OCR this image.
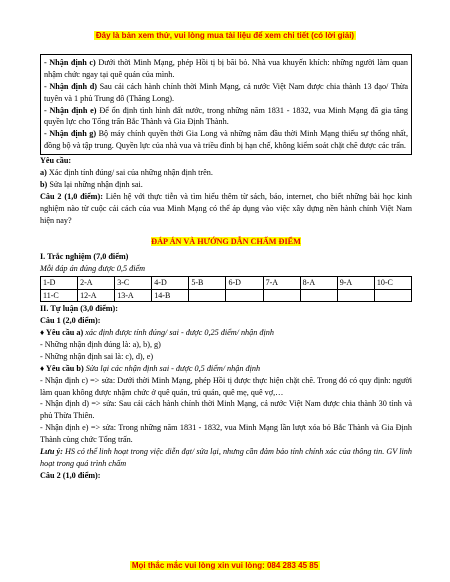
Đây là bản xem thử, vui lòng mua tài liệu để xem chi tiết (có lời giải)

- Nhận định c) Dưới thời Minh Mạng, phép Hồi tị bị bãi bỏ. Nhà vua khuyến khích: những người làm quan nhậm chức ngay tại quê quán của mình.

- Nhận định d) Sau cải cách hành chính thời Minh Mạng, cả nước Việt Nam được chia thành 13 đạo/ Thừa tuyên và 1 phủ Trung đô (Thăng Long).

- Nhận định e) Để ổn định tình hình đất nước, trong những năm 1831 - 1832, vua Minh Mạng đã gia tăng quyền lực cho Tổng trấn Bắc Thành và Gia Định Thành.

- Nhận định g) Bộ máy chính quyền thời Gia Long và những năm đầu thời Minh Mạng thiếu sự thống nhất, đồng bộ và tập trung. Quyền lực của nhà vua và triều đình bị hạn chế, không kiểm soát chặt chẽ được các trấn.

Yêu cầu:

a) Xác định tính đúng/ sai của những nhận định trên.

b) Sửa lại những nhận định sai.

Câu 2 (1,0 điểm): Liên hệ với thực tiễn và tìm hiểu thêm từ sách, báo, internet, cho biết những bài học kinh nghiệm nào từ cuộc cải cách của vua Minh Mạng có thể áp dụng vào việc xây dựng nền hành chính Việt Nam hiện nay?

ĐÁP ÁN VÀ HƯỚNG DẪN CHẤM ĐIỂM

I. Trắc nghiệm (7,0 điểm)

Mỗi đáp án đúng được 0,5 điểm

1-D	2-A	3-C	4-D	5-B	6-D	7-A	8-A	9-A	10-C
11-C	12-A	13-A	14-B						

II. Tự luận (3,0 điểm):

Câu 1 (2,0 điểm):

♦ Yêu cầu a) xác định được tính đúng/ sai - được 0,25 điểm/ nhận định

- Những nhận định đúng là: a), b), g)

- Những nhận định sai là: c), d), e)

♦ Yêu cầu b) Sửa lại các nhận định sai - được 0,5 điểm/ nhận định

- Nhận định c) => sửa: Dưới thời Minh Mạng, phép Hồi tị được thực hiện chặt chẽ. Trong đó có quy định: người làm quan không được nhậm chức ở quê quán, trú quán, quê mẹ, quê vợ,…

- Nhận định d) => sửa: Sau cải cách hành chính thời Minh Mạng, cả nước Việt Nam được chia thành 30 tỉnh và phủ Thừa Thiên.

- Nhận định e) => sửa: Trong những năm 1831 - 1832, vua Minh Mạng lần lượt xóa bỏ Bắc Thành và Gia Định Thành cùng chức Tổng trấn.

Lưu ý: HS có thể linh hoạt trong việc diễn đạt/ sửa lại, nhưng cần đảm bảo tính chính xác của thông tin. GV linh hoạt trong quá trình chấm

Câu 2 (1,0 điểm):

Mọi thắc mắc vui lòng xin vui lòng: 084 283 45 85
